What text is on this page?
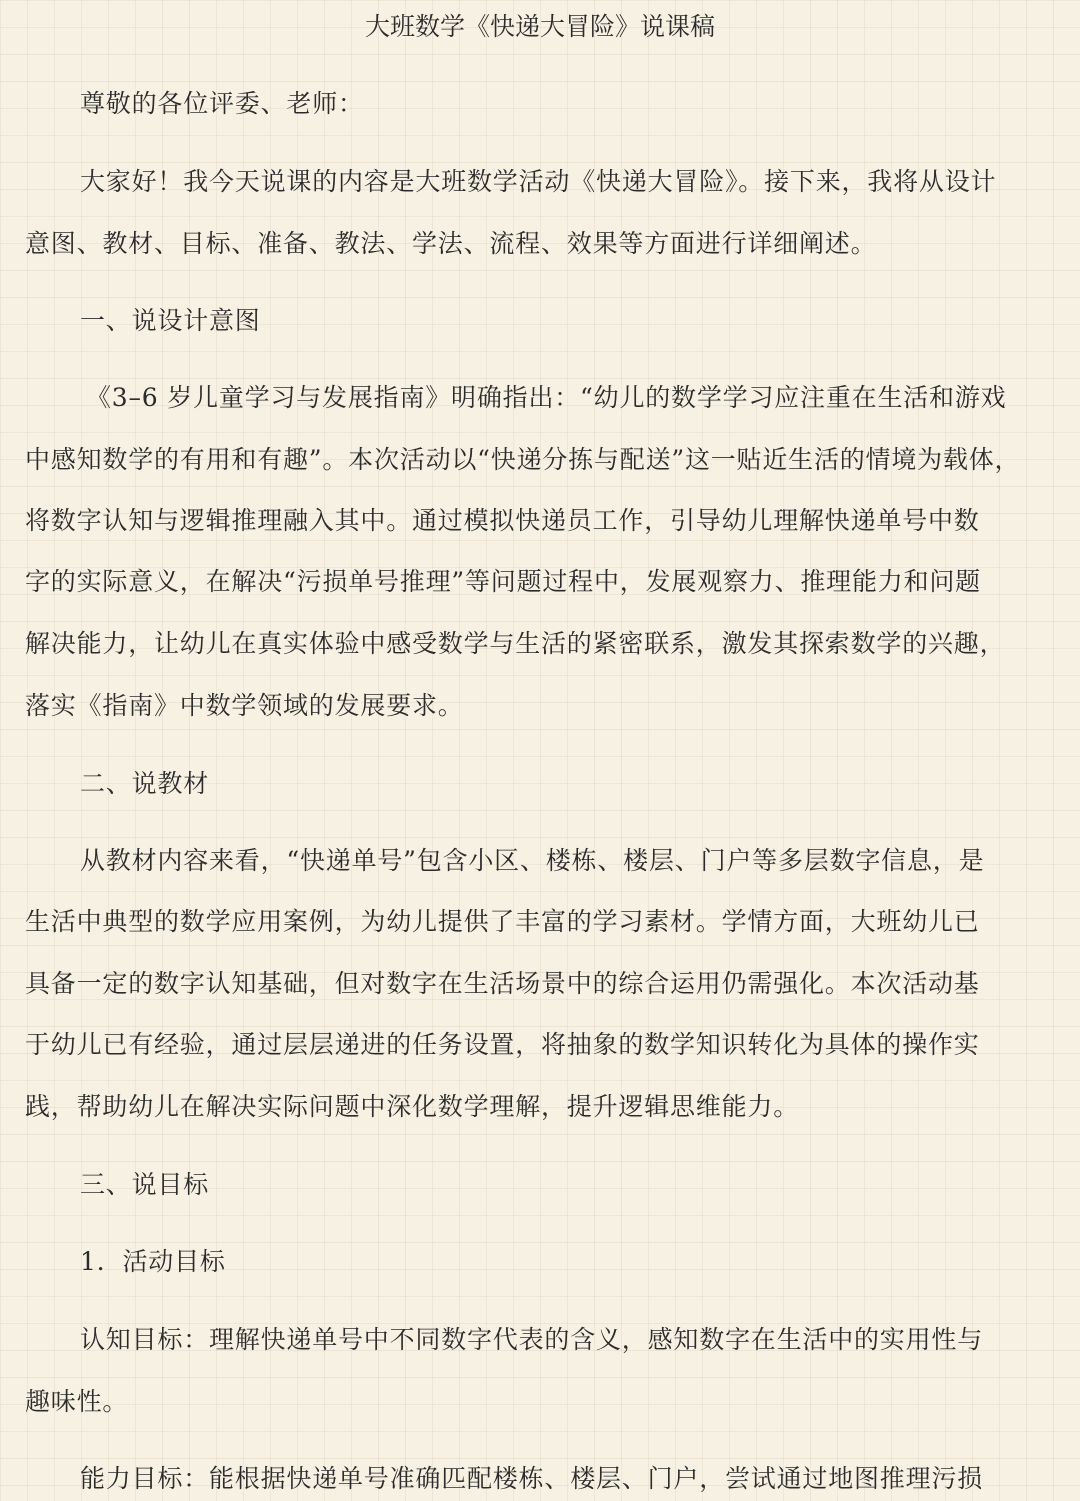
大班数学《快递大冒险》说课稿
尊敬的各位评委、老师：
大家好！我今天说课的内容是大班数学活动《快递大冒险》。接下来，我将从设计
意图、教材、目标、准备、教法、学法、流程、效果等方面进行详细阐述。
一、说设计意图
《3–6 岁儿童学习与发展指南》明确指出：“幼儿的数学学习应注重在生活和游戏
中感知数学的有用和有趣”。本次活动以“快递分拣与配送”这一贴近生活的情境为载体，
将数字认知与逻辑推理融入其中。通过模拟快递员工作，引导幼儿理解快递单号中数
字的实际意义，在解决“污损单号推理”等问题过程中，发展观察力、推理能力和问题
解决能力，让幼儿在真实体验中感受数学与生活的紧密联系，激发其探索数学的兴趣，
落实《指南》中数学领域的发展要求。
二、说教材
从教材内容来看，“快递单号”包含小区、楼栋、楼层、门户等多层数字信息，是
生活中典型的数学应用案例，为幼儿提供了丰富的学习素材。学情方面，大班幼儿已
具备一定的数字认知基础，但对数字在生活场景中的综合运用仍需强化。本次活动基
于幼儿已有经验，通过层层递进的任务设置，将抽象的数学知识转化为具体的操作实
践，帮助幼儿在解决实际问题中深化数学理解，提升逻辑思维能力。
三、说目标
1．活动目标
认知目标：理解快递单号中不同数字代表的含义，感知数字在生活中的实用性与
趣味性。
能力目标：能根据快递单号准确匹配楼栋、楼层、门户，尝试通过地图推理污损
